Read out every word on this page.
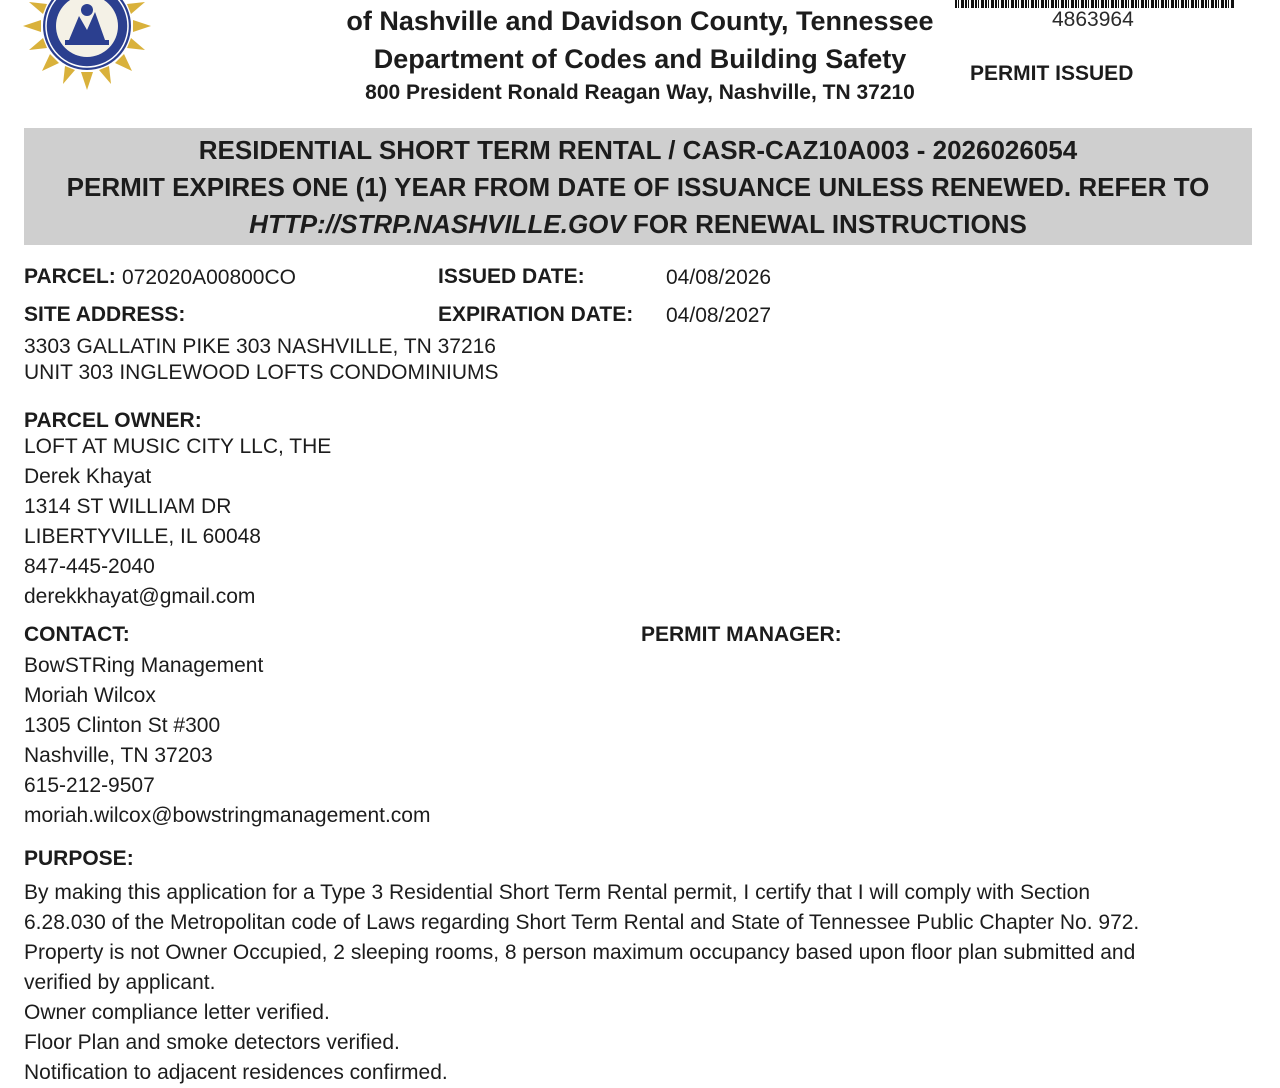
of Nashville and Davidson County, Tennessee
Department of Codes and Building Safety
800 President Ronald Reagan Way, Nashville, TN 37210
4863964
PERMIT ISSUED
RESIDENTIAL SHORT TERM RENTAL / CASR-CAZ10A003 - 2026026054
PERMIT EXPIRES ONE (1) YEAR FROM DATE OF ISSUANCE UNLESS RENEWED. REFER TO
HTTP://STRP.NASHVILLE.GOV FOR RENEWAL INSTRUCTIONS
PARCEL: 072020A00800CO	ISSUED DATE:	04/08/2026
SITE ADDRESS:	EXPIRATION DATE: 04/08/2027
3303 GALLATIN PIKE 303 NASHVILLE, TN 37216
UNIT 303 INGLEWOOD LOFTS CONDOMINIUMS
PARCEL OWNER:
LOFT AT MUSIC CITY LLC, THE
Derek Khayat
1314 ST WILLIAM DR
LIBERTYVILLE, IL 60048
847-445-2040
derekkhayat@gmail.com
CONTACT:	PERMIT MANAGER:
BowSTRing Management
Moriah Wilcox
1305 Clinton St #300
Nashville, TN 37203
615-212-9507
moriah.wilcox@bowstringmanagement.com
PURPOSE:
By making this application for a Type 3 Residential Short Term Rental permit, I certify that I will comply with Section
6.28.030 of the Metropolitan code of Laws regarding Short Term Rental and State of Tennessee Public Chapter No. 972.
Property is not Owner Occupied, 2 sleeping rooms, 8 person maximum occupancy based upon floor plan submitted and
verified by applicant.
Owner compliance letter verified.
Floor Plan and smoke detectors verified.
Notification to adjacent residences confirmed.
